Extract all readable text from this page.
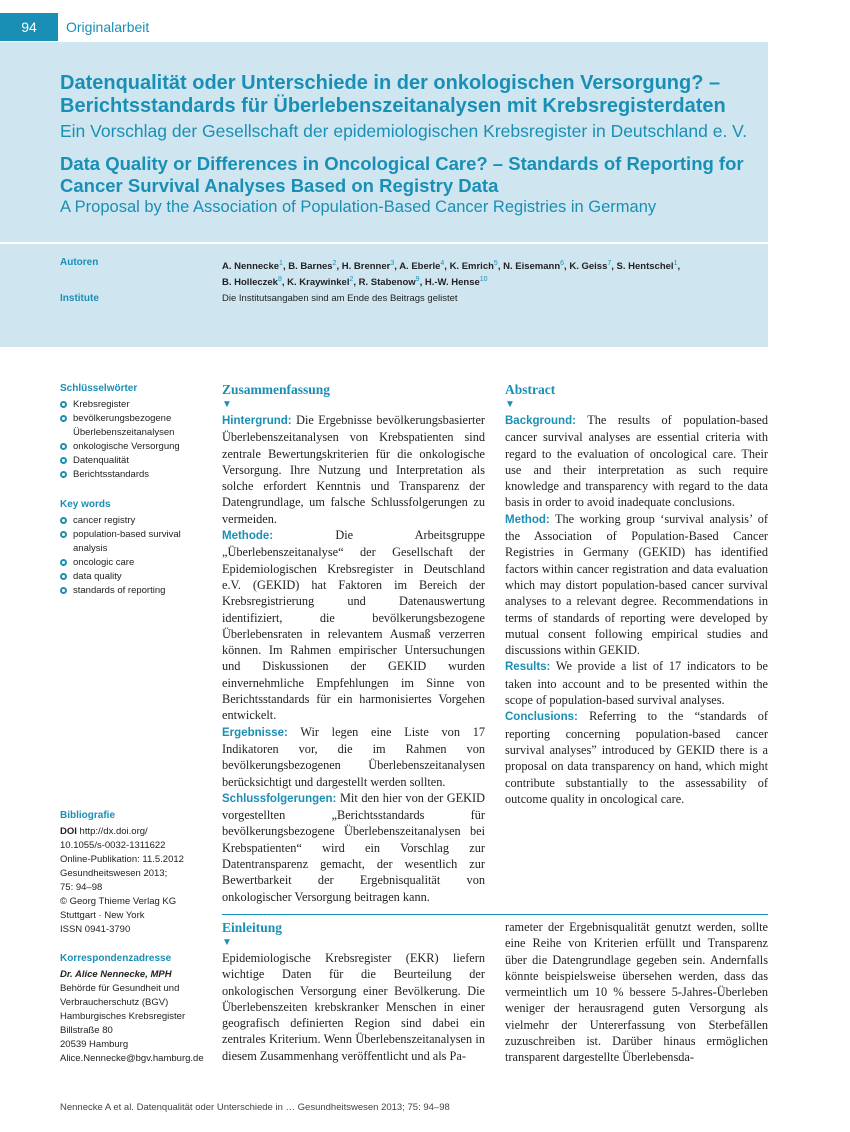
94	Originalarbeit
Datenqualität oder Unterschiede in der onkologischen Versorgung? – Berichtsstandards für Überlebenszeitanalysen mit Krebsregisterdaten

Ein Vorschlag der Gesellschaft der epidemiologischen Krebsregister in Deutschland e. V.

Data Quality or Differences in Oncological Care? – Standards of Reporting for Cancer Survival Analyses Based on Registry Data

A Proposal by the Association of Population-Based Cancer Registries in Germany

Autoren	A. Nennecke$^1$, B. Barnes$^2$, H. Brenner$^3$, A. Eberle$^4$, K. Emrich$^5$, N. Eisemann$^6$, K. Geiss$^7$, S. Hentschel$^1$,
B. Holleczek$^8$, K. Kraywinkel$^2$, R. Stabenow$^9$, H.-W. Hense$^{10}$
Institute	Die Institutsangaben sind am Ende des Beitrags gelistet
Schlüsselwörter
Krebsregister
bevölkerungsbezogene Überlebenszeitanalysen
onkologische Versorgung
Datenqualität
Berichtsstandards
Key words
cancer registry
population-based survival analysis
oncologic care
data quality
standards of reporting
Bibliografie
DOI http://dx.doi.org/
10.1055/s-0032-1311622
Online-Publikation: 11.5.2012
Gesundheitswesen 2013;
75: 94–98
© Georg Thieme Verlag KG
Stuttgart · New York
ISSN 0941-3790
Korrespondenzadresse
Dr. Alice Nennecke, MPH
Behörde für Gesundheit und
Verbraucherschutz (BGV)
Hamburgisches Krebsregister
Billstraße 80
20539 Hamburg
Alice.Nennecke@bgv.hamburg.de
Zusammenfassung
▼

Hintergrund: Die Ergebnisse bevölkerungsbasierter Überlebenszeitanalysen von Krebspatienten sind zentrale Bewertungskriterien für die onkologische Versorgung. Ihre Nutzung und Interpretation als solche erfordert Kenntnis und Transparenz der Datengrundlage, um falsche Schlussfolgerungen zu vermeiden.

Methode:	Die Arbeitsgruppe „Überlebenszeitanalyse“ der Gesellschaft der Epidemiologischen Krebsregister in Deutschland e.V. (GEKID) hat Faktoren im Bereich der Krebsregistrierung und Datenauswertung identifiziert, die bevölkerungsbezogene Überlebensraten in relevantem Ausmaß verzerren können. Im Rahmen empirischer Untersuchungen und Diskussionen der GEKID wurden einvernehmliche Empfehlungen im Sinne von Berichtsstandards für ein harmonisiertes Vorgehen entwickelt.

Ergebnisse: Wir legen eine Liste von 17 Indikatoren vor, die im Rahmen von bevölkerungsbezogenen Überlebenszeitanalysen berücksichtigt und dargestellt werden sollten.

Schlussfolgerungen: Mit den hier von der GEKID vorgestellten „Berichtsstandards für bevölkerungsbezogene Überlebenszeitanalysen bei Krebspatienten“ wird ein Vorschlag zur Datentransparenz gemacht, der wesentlich zur Bewertbarkeit der Ergebnisqualität von onkologischer Versorgung beitragen kann.

Abstract
▼

Background: The results of population-based cancer survival analyses are essential criteria with regard to the evaluation of oncological care. Their use and their interpretation as such require knowledge and transparency with regard to the data basis in order to avoid inadequate conclusions.

Method: The working group ‘survival analysis’ of the Association of Population-Based Cancer Registries in Germany (GEKID) has identified factors within cancer registration and data evaluation which may distort population-based cancer survival analyses to a relevant degree. Recommendations in terms of standards of reporting were developed by mutual consent following empirical studies and discussions within GEKID.

Results: We provide a list of 17 indicators to be taken into account and to be presented within the scope of population-based survival analyses.

Conclusions: Referring to the “standards of reporting concerning population-based cancer survival analyses” introduced by GEKID there is a proposal on data transparency on hand, which might contribute substantially to the assessability of outcome quality in oncological care.

Einleitung
▼

Epidemiologische Krebsregister (EKR) liefern wichtige Daten für die Beurteilung der onkologischen Versorgung einer Bevölkerung. Die Überlebenszeiten krebskranker Menschen in einer geografisch definierten Region sind dabei ein zentrales Kriterium. Wenn Überlebenszeitanalysen in diesem Zusammenhang veröffentlicht und als Pa-

rameter der Ergebnisqualität genutzt werden, sollte eine Reihe von Kriterien erfüllt und Transparenz über die Datengrundlage gegeben sein. Andernfalls könnte beispielsweise übersehen werden, dass das vermeintlich um 10 % bessere 5-Jahres-Überleben weniger der herausragend guten Versorgung als vielmehr der Untererfassung von Sterbefällen zuzuschreiben ist. Darüber hinaus ermöglichen transparent dargestellte Überlebensda-

Nennecke A et al. Datenqualität oder Unterschiede in … Gesundheitswesen 2013; 75: 94–98
